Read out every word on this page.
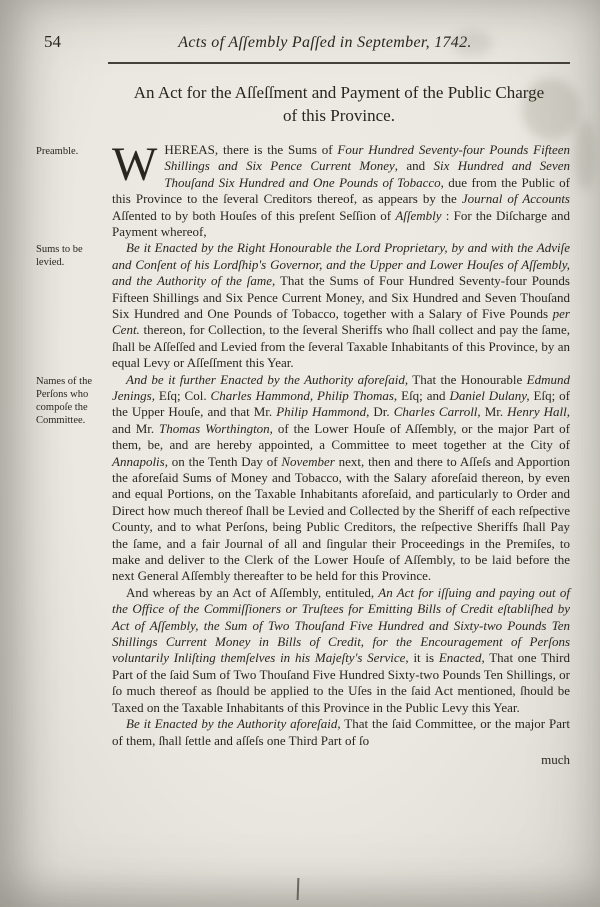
54	Acts of Aſſembly Paſſed in September, 1742.
An Act for the Aſſeſſment and Payment of the Public Charge
of this Province.
Preamble. WHEREAS, there is the Sums of Four Hundred Seventy-four Pounds Fifteen Shillings and Six Pence Current Money, and Six Hundred and Seven Thouſand Six Hundred and One Pounds of Tobacco, due from the Public of this Province to the ſeveral Creditors thereof, as appears by the Journal of Accounts Aſſented to by both Houſes of this preſent Seſſion of Aſſembly : For the Diſcharge and Payment whereof,

Sums to be levied.

Be it Enacted by the Right Honourable the Lord Proprietary, by and with the Adviſe and Conſent of his Lordſhip's Governor, and the Upper and Lower Houſes of Aſſembly, and the Authority of the ſame, That the Sums of Four Hundred Seventy-four Pounds Fifteen Shillings and Six Pence Current Money, and Six Hundred and Seven Thouſand Six Hundred and One Pounds of Tobacco, together with a Salary of Five Pounds per Cent. thereon, for Collection, to the ſeveral Sheriffs who ſhall collect and pay the ſame, ſhall be Aſſeſſed and Levied from the ſeveral Taxable Inhabitants of this Province, by an equal Levy or Aſſeſſment this Year.

Names of the Perſons who compoſe the Committee.

And be it further Enacted by the Authority aforeſaid, That the Honourable Edmund Jenings, Eſq; Col. Charles Hammond, Philip Thomas, Eſq; and Daniel Dulany, Eſq; of the Upper Houſe, and that Mr. Philip Hammond, Dr. Charles Carroll, Mr. Henry Hall, and Mr. Thomas Worthington, of the Lower Houſe of Aſſembly, or the major Part of them, be, and are hereby appointed, a Committee to meet together at the City of Annapolis, on the Tenth Day of November next, then and there to Aſſeſs and Apportion the aforeſaid Sums of Money and Tobacco, with the Salary aforeſaid thereon, by even and equal Portions, on the Taxable Inhabitants aforeſaid, and particularly to Order and Direct how much thereof ſhall be Levied and Collected by the Sheriff of each reſpective County, and to what Perſons, being Public Creditors, the reſpective Sheriffs ſhall Pay the ſame, and a fair Journal of all and ſingular their Proceedings in the Premiſes, to make and deliver to the Clerk of the Lower Houſe of Aſſembly, to be laid before the next General Aſſembly thereafter to be held for this Province.

And whereas by an Act of Aſſembly, entituled, An Act for iſſuing and paying out of the Office of the Commiſſioners or Truſtees for Emitting Bills of Credit eſtabliſhed by Act of Aſſembly, the Sum of Two Thouſand Five Hundred and Sixty-two Pounds Ten Shillings Current Money in Bills of Credit, for the Encouragement of Perſons voluntarily Inliſting themſelves in his Majeſty's Service, it is Enacted, That one Third Part of the ſaid Sum of Two Thouſand Five Hundred Sixty-two Pounds Ten Shillings, or ſo much thereof as ſhould be applied to the Uſes in the ſaid Act mentioned, ſhould be Taxed on the Taxable Inhabitants of this Province in the Public Levy this Year.

Be it Enacted by the Authority aforeſaid, That the ſaid Committee, or the major Part of them, ſhall ſettle and aſſeſs one Third Part of ſo

much
